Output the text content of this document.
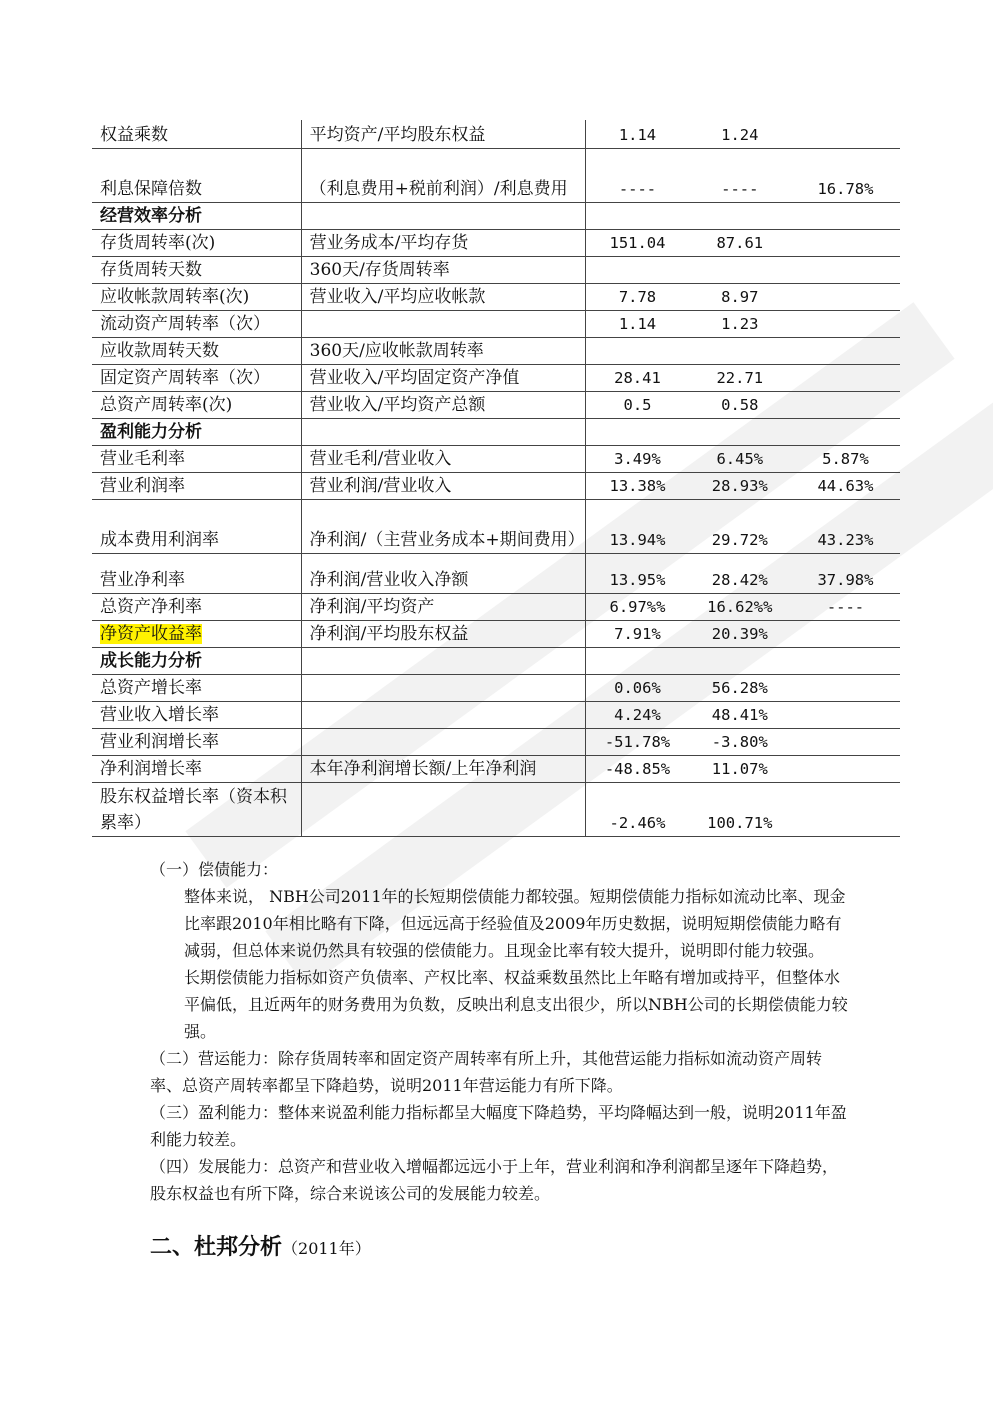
权益乘数	平均资产/平均股东权益	1.14	1.24	
利息保障倍数	（利息费用+税前利润）/利息费用	----	----	16.78%
经营效率分析				
存货周转率(次)	营业务成本/平均存货	151.04	87.61	
存货周转天数	360天/存货周转率			
应收帐款周转率(次)	营业收入/平均应收帐款	7.78	8.97	
流动资产周转率（次）		1.14	1.23	
应收款周转天数	360天/应收帐款周转率			
固定资产周转率（次）	营业收入/平均固定资产净值	28.41	22.71	
总资产周转率(次)	营业收入/平均资产总额	0.5	0.58	
盈利能力分析				
营业毛利率	营业毛利/营业收入	3.49%	6.45%	5.87%
营业利润率	营业利润/营业收入	13.38%	28.93%	44.63%
成本费用利润率	净利润/（主营业务成本+期间费用）	13.94%	29.72%	43.23%
营业净利率	净利润/营业收入净额	13.95%	28.42%	37.98%
总资产净利率	净利润/平均资产	6.97%%	16.62%%	----
净资产收益率	净利润/平均股东权益	7.91%	20.39%	
成长能力分析				
总资产增长率		0.06%	56.28%	
营业收入增长率		4.24%	48.41%	
营业利润增长率		-51.78%	-3.80%	
净利润增长率	本年净利润增长额/上年净利润	-48.85%	11.07%	
股东权益增长率（资本积累率）		-2.46%	100.71%	

（一）偿债能力：

整体来说， NBH公司2011年的长短期偿债能力都较强。短期偿债能力指标如流动比率、现金比率跟2010年相比略有下降，但远远高于经验值及2009年历史数据，说明短期偿债能力略有减弱，但总体来说仍然具有较强的偿债能力。且现金比率有较大提升，说明即付能力较强。

长期偿债能力指标如资产负债率、产权比率、权益乘数虽然比上年略有增加或持平，但整体水平偏低，且近两年的财务费用为负数，反映出利息支出很少，所以NBH公司的长期偿债能力较强。

（二）营运能力：除存货周转率和固定资产周转率有所上升，其他营运能力指标如流动资产周转率、总资产周转率都呈下降趋势，说明2011年营运能力有所下降。

（三）盈利能力：整体来说盈利能力指标都呈大幅度下降趋势，平均降幅达到一般，说明2011年盈利能力较差。

（四）发展能力：总资产和营业收入增幅都远远小于上年，营业利润和净利润都呈逐年下降趋势，股东权益也有所下降，综合来说该公司的发展能力较差。

二、杜邦分析（2011年）
